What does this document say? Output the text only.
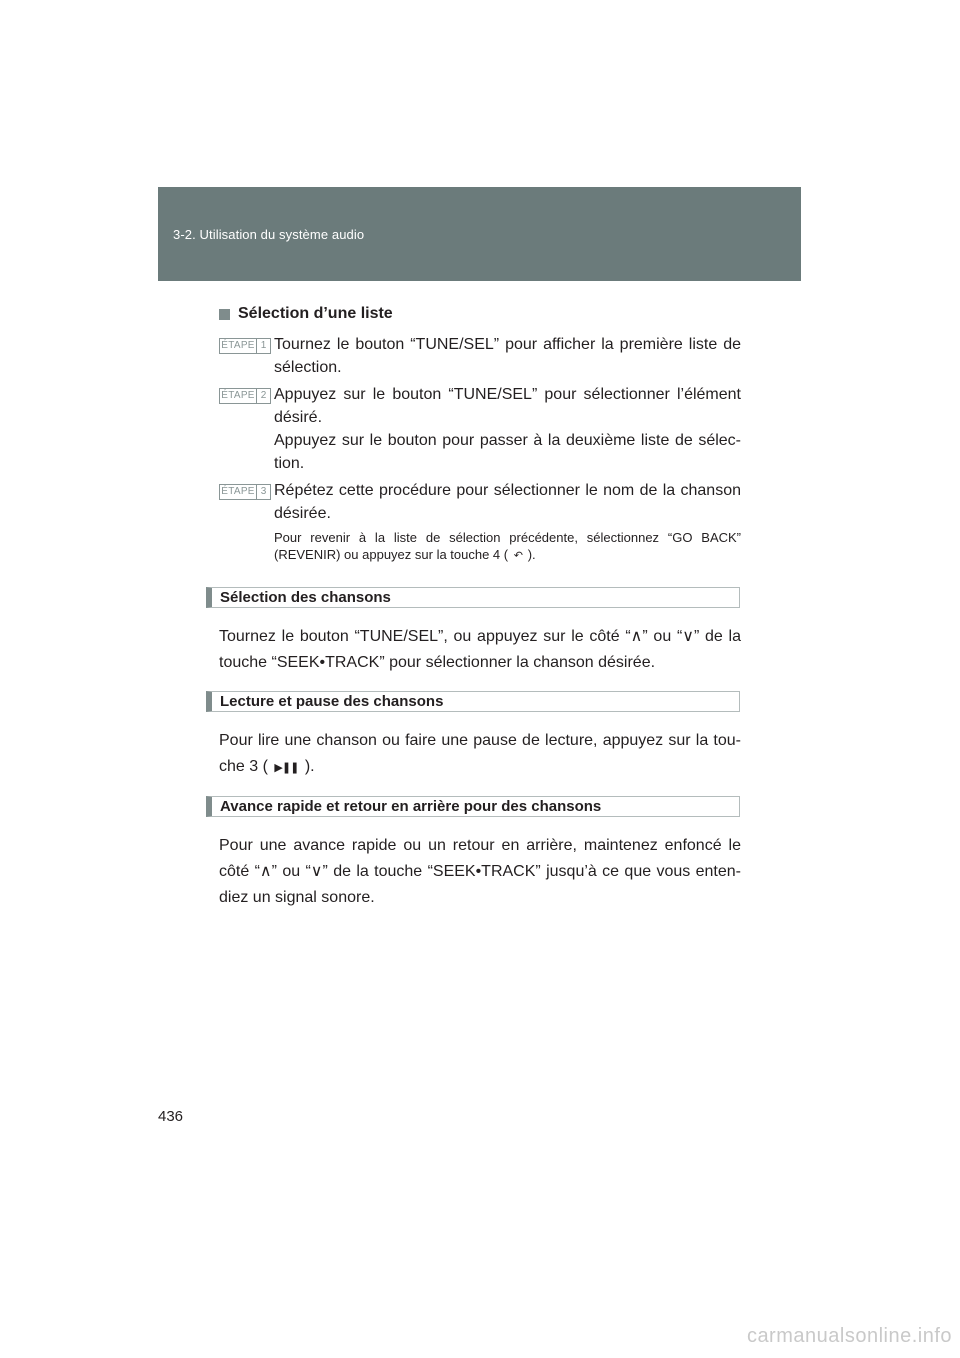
3-2. Utilisation du système audio
Sélection d’une liste
ÉTAPE 1 Tournez le bouton “TUNE/SEL” pour afficher la première liste de sélection.
ÉTAPE 2 Appuyez sur le bouton “TUNE/SEL” pour sélectionner l’élément désiré.
Appuyez sur le bouton pour passer à la deuxième liste de sélec- tion.
ÉTAPE 3 Répétez cette procédure pour sélectionner le nom de la chanson désirée.
Pour revenir à la liste de sélection précédente, sélectionnez “GO BACK” (REVENIR) ou appuyez sur la touche 4 (  ↶  ).
Sélection des chansons
Tournez le bouton “TUNE/SEL”, ou appuyez sur le côté “∧” ou “∨” de la touche “SEEK•TRACK” pour sélectionner la chanson désirée.
Lecture et pause des chansons
Pour lire une chanson ou faire une pause de lecture, appuyez sur la tou- che 3 (  ▶❚❚  ).
Avance rapide et retour en arrière pour des chansons
Pour une avance rapide ou un retour en arrière, maintenez enfoncé le côté “∧” ou “∨” de la touche “SEEK•TRACK” jusqu’à ce que vous enten- diez un signal sonore.
436
carmanualsonline.info
